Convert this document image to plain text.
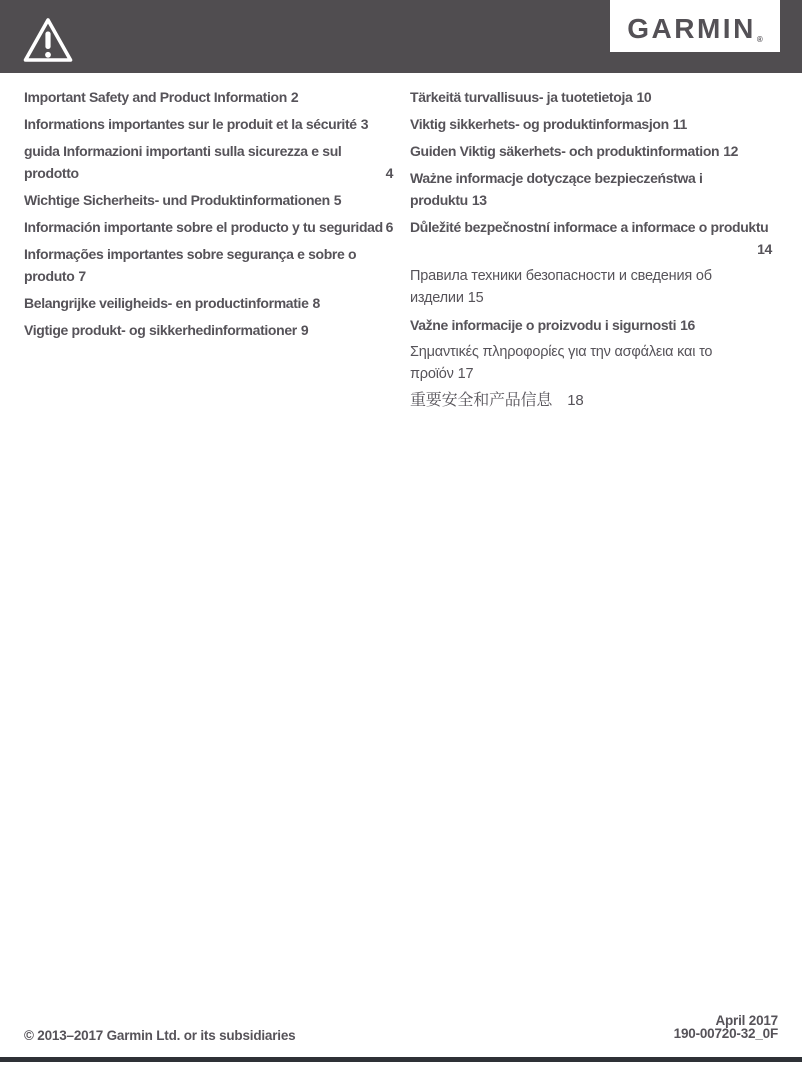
GARMIN ®
Important Safety and Product Information 2
Informations importantes sur le produit et la sécurité 3
guida Informazioni importanti sulla sicurezza e sul prodotto	4
Wichtige Sicherheits- und Produktinformationen 5
Información importante sobre el producto y tu seguridad 6
Informações importantes sobre segurança e sobre o produto 7
Belangrijke veiligheids- en productinformatie 8
Vigtige produkt- og sikkerhedinformationer 9
Tärkeitä turvallisuus- ja tuotetietoja 10
Viktig sikkerhets- og produktinformasjon 11
Guiden Viktig säkerhets- och produktinformation 12
Ważne informacje dotyczące bezpieczeństwa i produktu 13
Důležité bezpečnostní informace a informace o produktu
14
Правила техники безопасности и сведения об изделии 15
Važne informacije o proizvodu i sigurnosti 16
Σημαντικές πληροφορίες για την ασφάλεια και το προϊόν 17
重要安全和产品信息 18
© 2013–2017 Garmin Ltd. or its subsidiaries
April 2017
190-00720-32_0F
